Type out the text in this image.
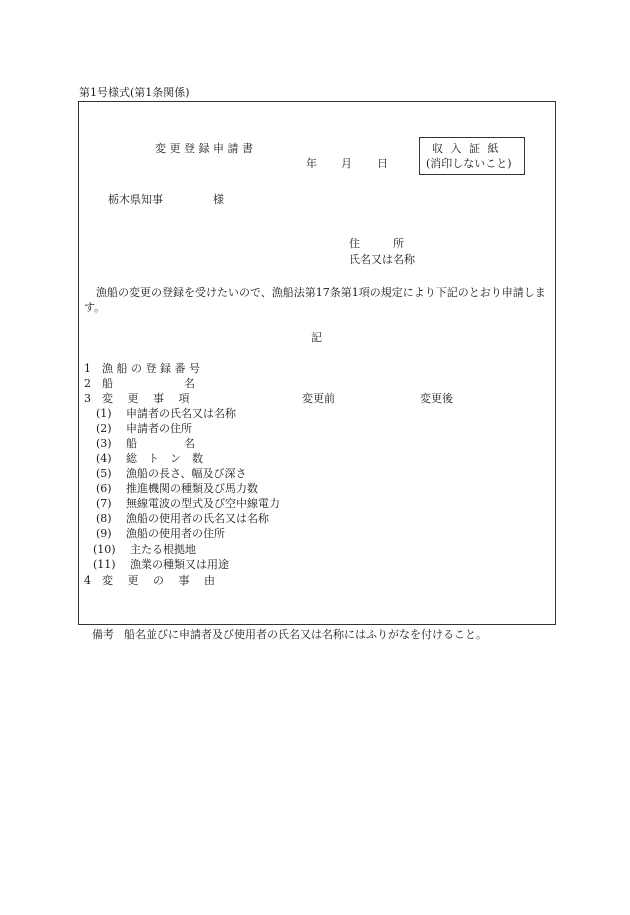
第1号様式(第1条関係)
変 更 登 録 申 請 書
年 月 日
収 入 証 紙
(消印しないこと)
栃木県知事	様
住　　　所
氏名又は名称
漁船の変更の登録を受けたいので、漁船法第17条第1項の規定により下記のとおり申請します。
記
1 漁 船 の 登 録 番 号
2 船	名
3 変　 更　 事　 項	変更前	変更後
(1) 申請者の氏名又は名称
(2) 申請者の住所
(3) 船	名
(4) 総　ト　ン　数
(5) 漁船の長さ、幅及び深さ
(6) 推進機関の種類及び馬力数
(7) 無線電波の型式及び空中線電力
(8) 漁船の使用者の氏名又は名称
(9) 漁船の使用者の住所
(10) 主たる根拠地
(11) 漁業の種類又は用途
4 変　 更　 の　 事　 由
備考 船名並びに申請者及び使用者の氏名又は名称にはふりがなを付けること。
